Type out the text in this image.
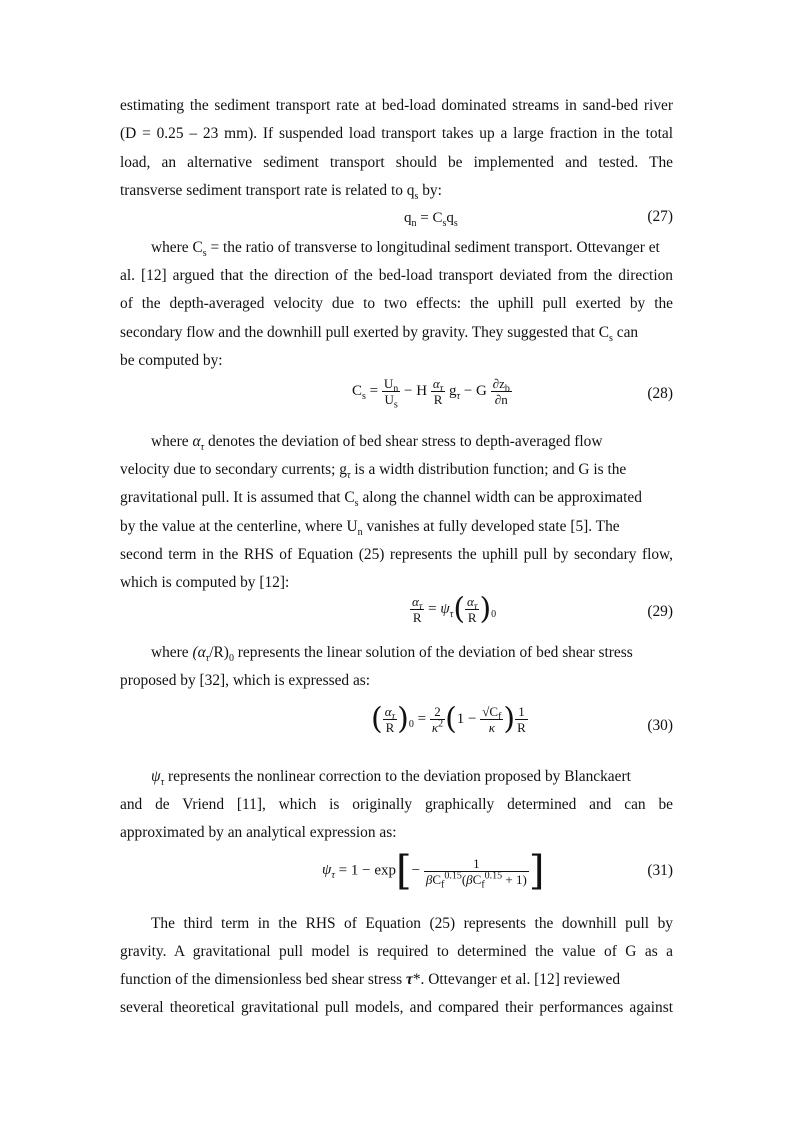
estimating the sediment transport rate at bed-load dominated streams in sand-bed river
(D = 0.25 – 23 mm). If suspended load transport takes up a large fraction in the total
load, an alternative sediment transport should be implemented and tested. The
transverse sediment transport rate is related to $q_s$ by:
$q_n = C_sq_s$	(27)
where $C_s$ = the ratio of transverse to longitudinal sediment transport. Ottevanger et
al. [12] argued that the direction of the bed-load transport deviated from the direction
of the depth-averaged velocity due to two effects: the uphill pull exerted by the
secondary flow and the downhill pull exerted by gravity. They suggested that $C_s$ can
be computed by:
$C_s = \frac{U_n}{U_s} - H \frac{\alpha_\tau}{R} g_\tau - G \frac{\partial z_b}{\partial n}$	(28)
where $\alpha_\tau$ denotes the deviation of bed shear stress to depth-averaged flow
velocity due to secondary currents; $g_\tau$ is a width distribution function; and G is the
gravitational pull. It is assumed that $C_s$ along the channel width can be approximated
by the value at the centerline, where $U_n$ vanishes at fully developed state [5]. The
second term in the RHS of Equation (25) represents the uphill pull by secondary flow,
which is computed by [12]:
$\frac{\alpha_\tau}{R} = \psi_\tau( \frac{\alpha_\tau}{R} )_0$	(29)
where $(\alpha_\tau/R)_0$ represents the linear solution of the deviation of bed shear stress
proposed by [32], which is expressed as:
( $\frac{\alpha_\tau}{R} )_0 = \frac{2}{\kappa^2} (1 - \frac{√C_f}{\kappa}$ ) $\frac{1}{R}$	(30)
$\psi_\tau$ represents the nonlinear correction to the deviation proposed by Blanckaert
and de Vriend [11], which is originally graphically determined and can be
approximated by an analytical expression as:
$\psi_\tau = 1 - \exp[- \frac{1}{\beta C_f^{0.15}(\beta C_f^{0.15} + 1)}$ ]	(31)
The third term in the RHS of Equation (25) represents the downhill pull by
gravity. A gravitational pull model is required to determined the value of G as a
function of the dimensionless bed shear stress τ*. Ottevanger et al. [12] reviewed
several theoretical gravitational pull models, and compared their performances against
